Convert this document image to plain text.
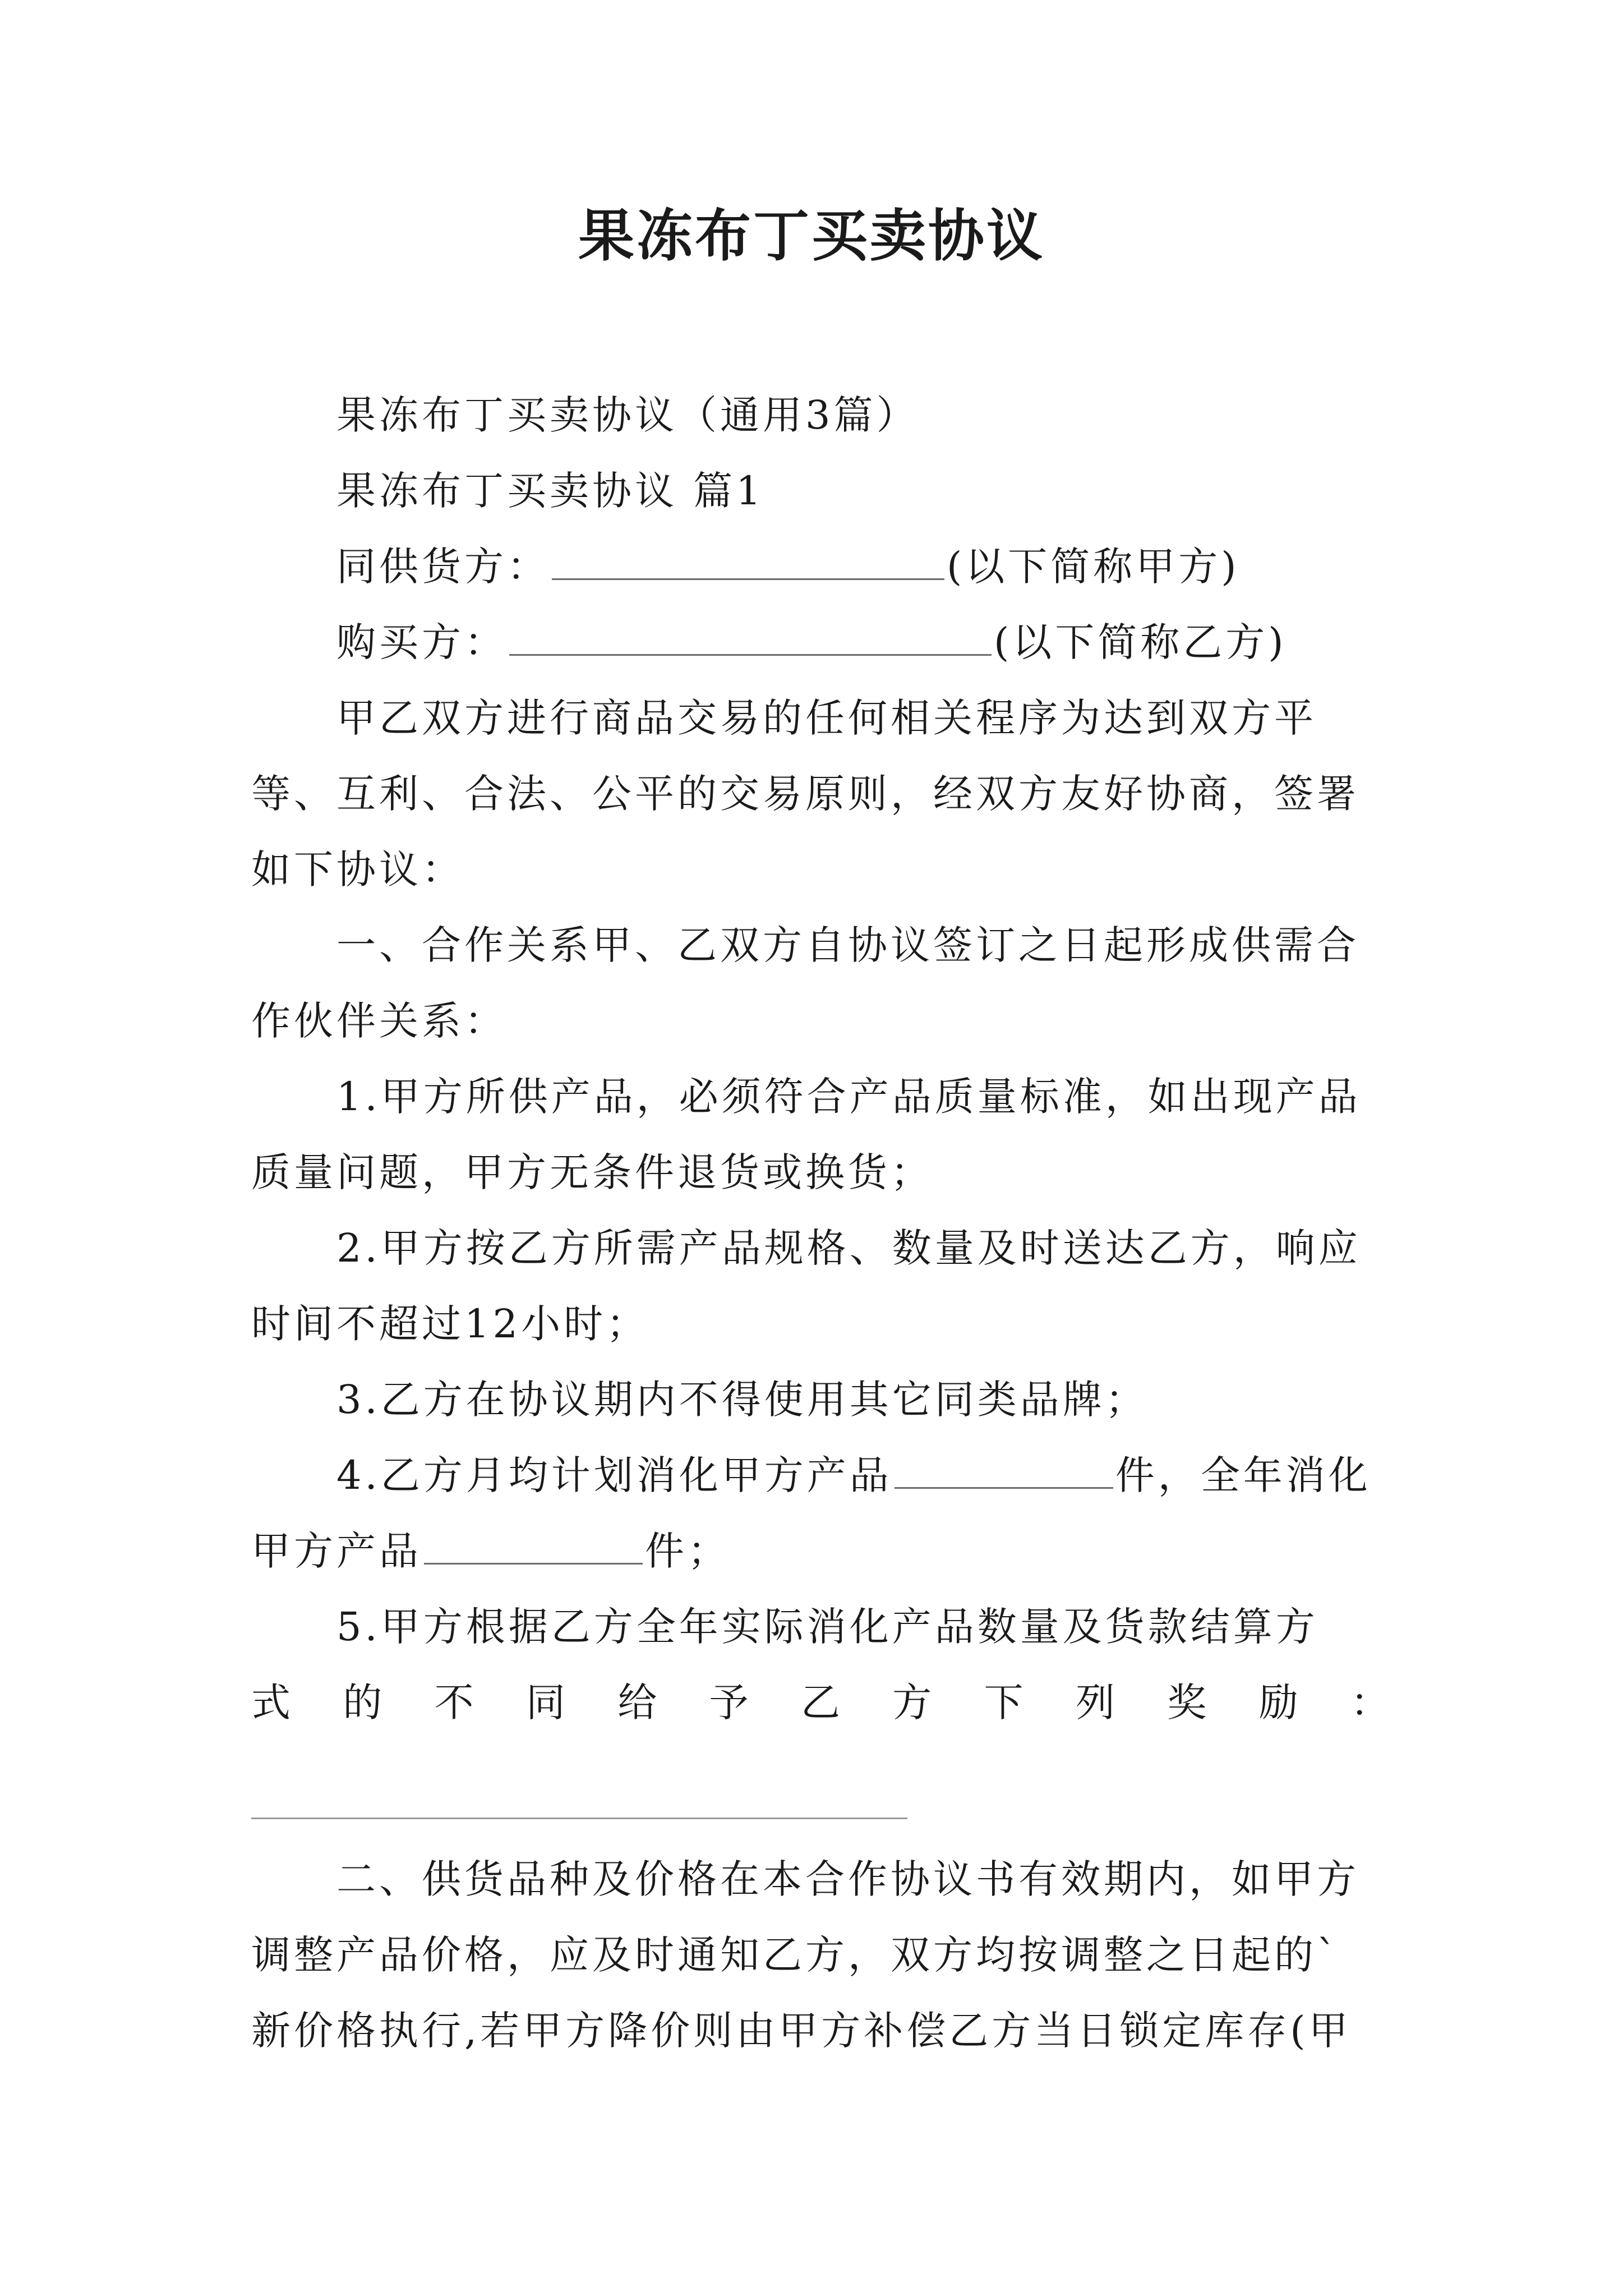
果冻布丁买卖协议
果冻布丁买卖协议（通用3篇）
果冻布丁买卖协议 篇1
同供货方：	(以下简称甲方)
购买方：	(以下简称乙方)
甲乙双方进行商品交易的任何相关程序为达到双方平
等、互利、合法、公平的交易原则，经双方友好协商，签署
如下协议：
一、合作关系甲、乙双方自协议签订之日起形成供需合
作伙伴关系：
1.甲方所供产品，必须符合产品质量标准，如出现产品
质量问题，甲方无条件退货或换货；
2.甲方按乙方所需产品规格、数量及时送达乙方，响应
时间不超过12小时；
3.乙方在协议期内不得使用其它同类品牌；
4.乙方月均计划消化甲方产品	件，全年消化
甲方产品	件；
5.甲方根据乙方全年实际消化产品数量及货款结算方
式 的 不 同 给 予 乙 方 下 列 奖 励 ：
二、供货品种及价格在本合作协议书有效期内，如甲方
调整产品价格，应及时通知乙方，双方均按调整之日起的`
新价格执行,若甲方降价则由甲方补偿乙方当日锁定库存(甲
